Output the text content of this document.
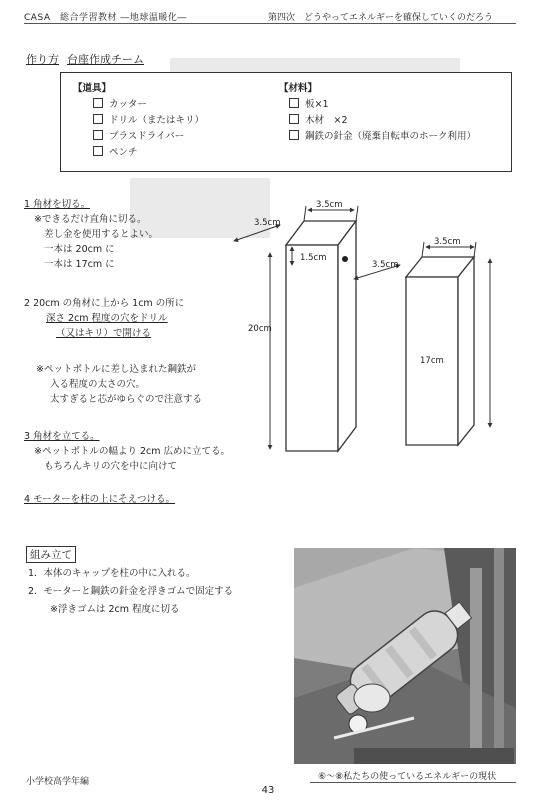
CASA　総合学習教材 ―地球温暖化―	第四次　どうやってエネルギーを確保していくのだろう
作り方 台座作成チーム
【道具】
カッター
ドリル（またはキリ）
プラスドライバー
ペンチ
【材料】
板×1
木材　×2
鋼鉄の針金（廃棄自転車のホーク利用）
1 角材を切る。
※できるだけ直角に切る。
差し金を使用するとよい。
一本は 20cm に
一本は 17cm に
2 20cm の角材に上から 1cm の所に
深さ 2cm 程度の穴をドリル
（又はキリ）で開ける
※ペットボトルに差し込まれた鋼鉄が
入る程度の太さの穴。
太すぎると芯がゆらぐので注意する
3 角材を立てる。
※ペットボトルの幅より 2cm 広めに立てる。
もちろんキリの穴を中に向けて
4 モーターを柱の上にそえつける。
3.5cm
3.5cm
20cm
1.5cm
3.5cm
3.5cm
17cm
組み立て
1．本体のキャップを柱の中に入れる。
2．モーターと鋼鉄の針金を浮きゴムで固定する
※浮きゴムは 2cm 程度に切る
小学校高学年編	⑥～⑧私たちの使っているエネルギーの現状
43
